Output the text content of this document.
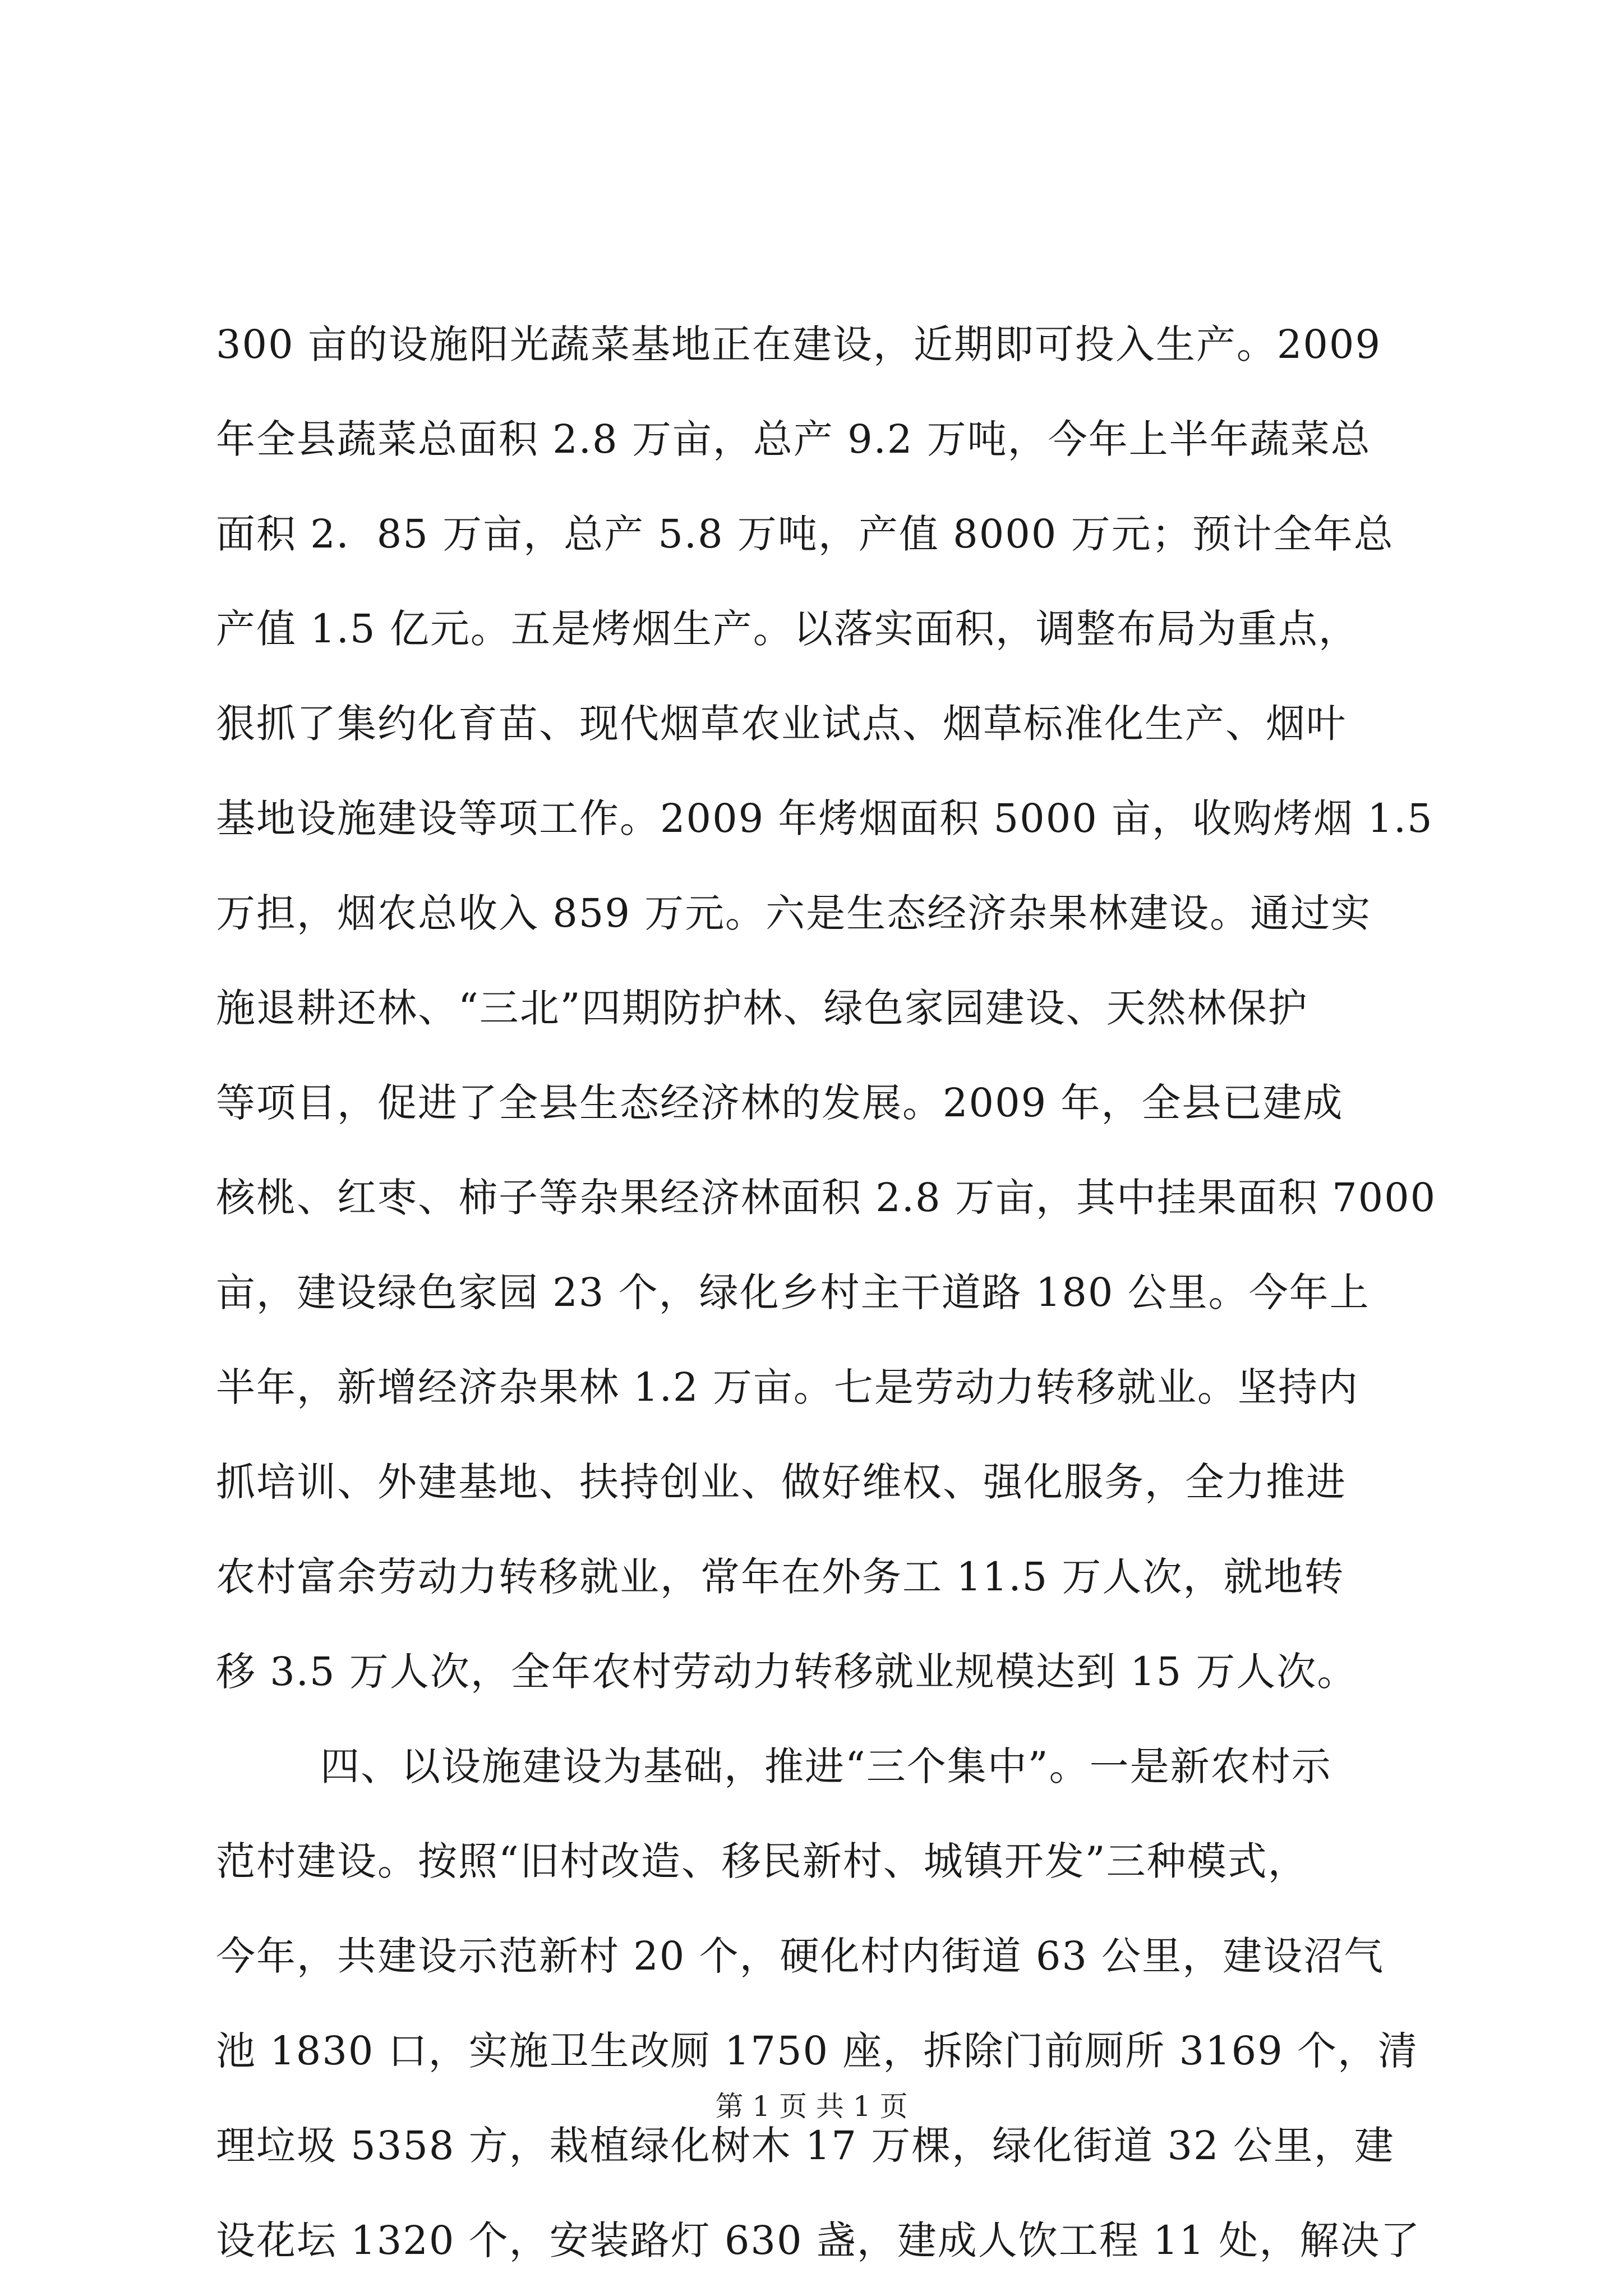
300 亩的设施阳光蔬菜基地正在建设，近期即可投入生产。2009
年全县蔬菜总面积 2.8 万亩，总产 9.2 万吨，今年上半年蔬菜总
面积 2．85 万亩，总产 5.8 万吨，产值 8000 万元；预计全年总
产值 1.5 亿元。五是烤烟生产。以落实面积，调整布局为重点，
狠抓了集约化育苗、现代烟草农业试点、烟草标准化生产、烟叶
基地设施建设等项工作。2009 年烤烟面积 5000 亩，收购烤烟 1.5
万担，烟农总收入 859 万元。六是生态经济杂果林建设。通过实
施退耕还林、“三北”四期防护林、绿色家园建设、天然林保护
等项目，促进了全县生态经济林的发展。2009 年，全县已建成
核桃、红枣、柿子等杂果经济林面积 2.8 万亩，其中挂果面积 7000
亩，建设绿色家园 23 个，绿化乡村主干道路 180 公里。今年上
半年，新增经济杂果林 1.2 万亩。七是劳动力转移就业。坚持内
抓培训、外建基地、扶持创业、做好维权、强化服务，全力推进
农村富余劳动力转移就业，常年在外务工 11.5 万人次，就地转
移 3.5 万人次，全年农村劳动力转移就业规模达到 15 万人次。
四、以设施建设为基础，推进“三个集中”。一是新农村示
范村建设。按照“旧村改造、移民新村、城镇开发”三种模式，
今年，共建设示范新村 20 个，硬化村内街道 63 公里，建设沼气
池 1830 口，实施卫生改厕 1750 座，拆除门前厕所 3169 个，清
理垃圾 5358 方，栽植绿化树木 17 万棵，绿化街道 32 公里，建
设花坛 1320 个，安装路灯 630 盏，建成人饮工程 11 处，解决了
第 1 页 共 1 页
